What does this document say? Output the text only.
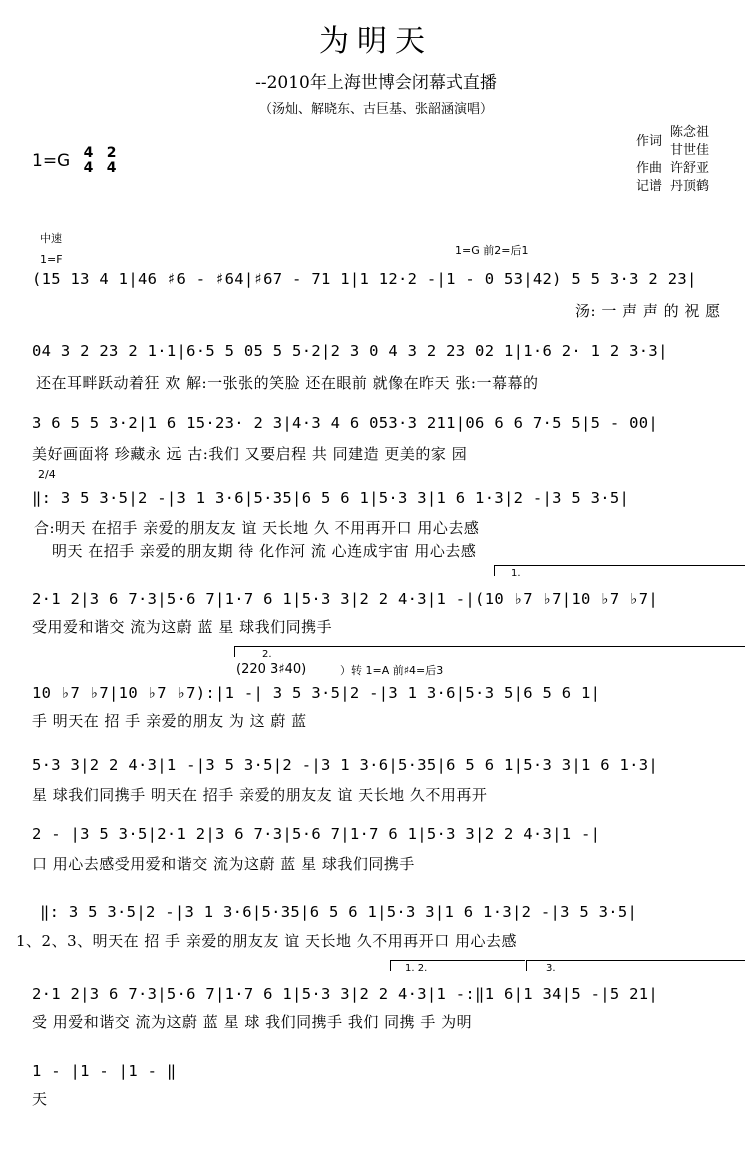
为明天
--2010年上海世博会闭幕式直播
（汤灿、解晓东、古巨基、张韶涵演唱）
1=G 4
4

2
4
作词陈念祖
甘世佳
作曲 许舒亚
记谱 丹顶鹤
中速
1=F
1=G 前2=后1
2/4
(15 13 4 1|46 ♯6 - ♯64|♯67 - 71 1|1 12·2 -|1 - 0 53|42) 5 5 3·3 2 23|
汤: 一 声 声 的 祝 愿
04 3 2 23 2 1·1|6·5 5 05 5 5·2|2 3 0 4 3 2 23 02 1|1·6 2· 1 2 3·3|
还在耳畔跃动着狂 欢 解:一张张的笑脸 还在眼前 就像在昨天 张:一幕幕的
3 6 5 5 3·2|1 6 15·23· 2 3|4·3 4 6 053·3 211|06 6 6 7·5 5|5 - 00|
美好画面将 珍藏永 远 古:我们 又要启程 共 同建造 更美的家 园
‖: 3 5 3·5|2 -|3 1 3·6|5·35|6 5 6 1|5·3 3|1 6 1·3|2 -|3 5 3·5|
合:明天 在招手 亲爱的朋友友 谊 天长地 久 不用再开口 用心去感
明天 在招手 亲爱的朋友期 待 化作河 流 心连成宇宙 用心去感
1.
2·1 2|3 6 7·3|5·6 7|1·7 6 1|5·3 3|2 2 4·3|1 -|(10 ♭7 ♭7|10 ♭7 ♭7|
受用爱和谐交 流为这蔚 蓝 星 球我们同携手
2.
(220 3♯40)	）转 1=A 前♯4=后3
10 ♭7 ♭7|10 ♭7 ♭7):|1 -| 3 5 3·5|2 -|3 1 3·6|5·3 5|6 5 6 1|
手 明天在 招 手 亲爱的朋友 为 这 蔚 蓝
5·3 3|2 2 4·3|1 -|3 5 3·5|2 -|3 1 3·6|5·35|6 5 6 1|5·3 3|1 6 1·3|
星 球我们同携手 明天在 招手 亲爱的朋友友 谊 天长地 久不用再开
2 - |3 5 3·5|2·1 2|3 6 7·3|5·6 7|1·7 6 1|5·3 3|2 2 4·3|1 -|
口 用心去感受用爱和谐交 流为这蔚 蓝 星 球我们同携手
‖: 3 5 3·5|2 -|3 1 3·6|5·35|6 5 6 1|5·3 3|1 6 1·3|2 -|3 5 3·5|
1、2、3、明天在 招 手 亲爱的朋友友 谊 天长地 久不用再开口 用心去感
1. 2.	3.
2·1 2|3 6 7·3|5·6 7|1·7 6 1|5·3 3|2 2 4·3|1 -:‖1 6|1 34|5 -|5 21|
受 用爱和谐交 流为这蔚 蓝 星 球 我们同携手 我们 同携 手 为明
1 - |1 - |1 - ‖
天
